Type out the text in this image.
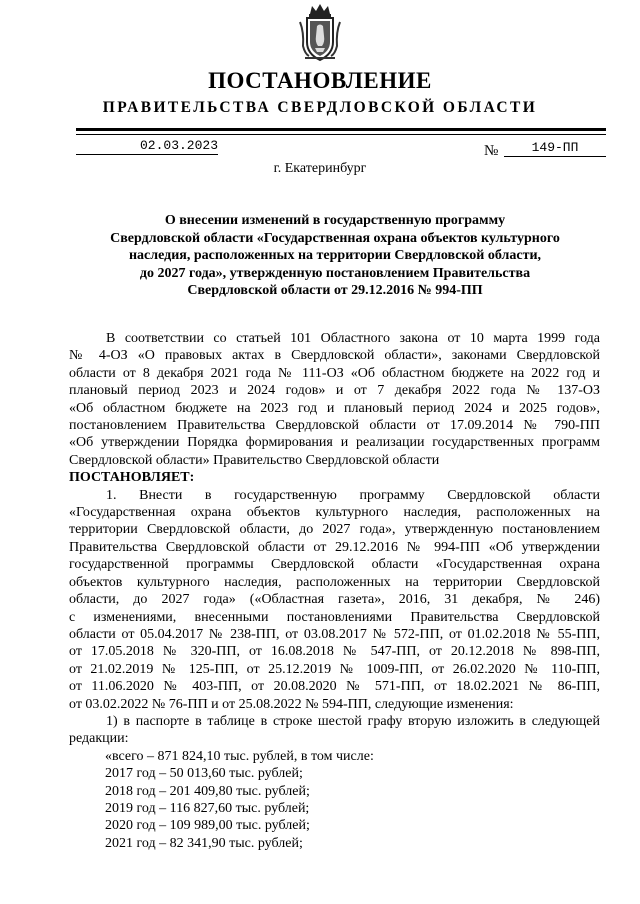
ПОСТАНОВЛЕНИЕ
ПРАВИТЕЛЬСТВА СВЕРДЛОВСКОЙ ОБЛАСТИ
02.03.2023	№	149-ПП
г. Екатеринбург
О внесении изменений в государственную программу
Свердловской области «Государственная охрана объектов культурного
наследия, расположенных на территории Свердловской области,
до 2027 года», утвержденную постановлением Правительства
Свердловской области от 29.12.2016 № 994-ПП
В соответствии со статьей 101 Областного закона от 10 марта 1999 года
№ 4-ОЗ «О правовых актах в Свердловской области», законами Свердловской
области от 8 декабря 2021 года № 111-ОЗ «Об областном бюджете на 2022 год и
плановый период 2023 и 2024 годов» и от 7 декабря 2022 года № 137-ОЗ
«Об областном бюджете на 2023 год и плановый период 2024 и 2025 годов»,
постановлением Правительства Свердловской области от 17.09.2014 № 790-ПП
«Об утверждении Порядка формирования и реализации государственных программ
Свердловской области» Правительство Свердловской области
ПОСТАНОВЛЯЕТ:
1. Внести в государственную программу Свердловской области
«Государственная охрана объектов культурного наследия, расположенных на
территории Свердловской области, до 2027 года», утвержденную постановлением
Правительства Свердловской области от 29.12.2016 № 994-ПП «Об утверждении
государственной программы Свердловской области «Государственная охрана
объектов культурного наследия, расположенных на территории Свердловской
области, до 2027 года» («Областная газета», 2016, 31 декабря, № 246)
с изменениями, внесенными постановлениями Правительства Свердловской
области от 05.04.2017 № 238-ПП, от 03.08.2017 № 572-ПП, от 01.02.2018 № 55-ПП,
от 17.05.2018 № 320-ПП, от 16.08.2018 № 547-ПП, от 20.12.2018 № 898-ПП,
от 21.02.2019 № 125-ПП, от 25.12.2019 № 1009-ПП, от 26.02.2020 № 110-ПП,
от 11.06.2020 № 403-ПП, от 20.08.2020 № 571-ПП, от 18.02.2021 № 86-ПП,
от 03.02.2022 № 76-ПП и от 25.08.2022 № 594-ПП, следующие изменения:
1) в паспорте в таблице в строке шестой графу вторую изложить в следующей
редакции:
«всего – 871 824,10 тыс. рублей, в том числе:
2017 год – 50 013,60 тыс. рублей;
2018 год – 201 409,80 тыс. рублей;
2019 год – 116 827,60 тыс. рублей;
2020 год – 109 989,00 тыс. рублей;
2021 год – 82 341,90 тыс. рублей;
